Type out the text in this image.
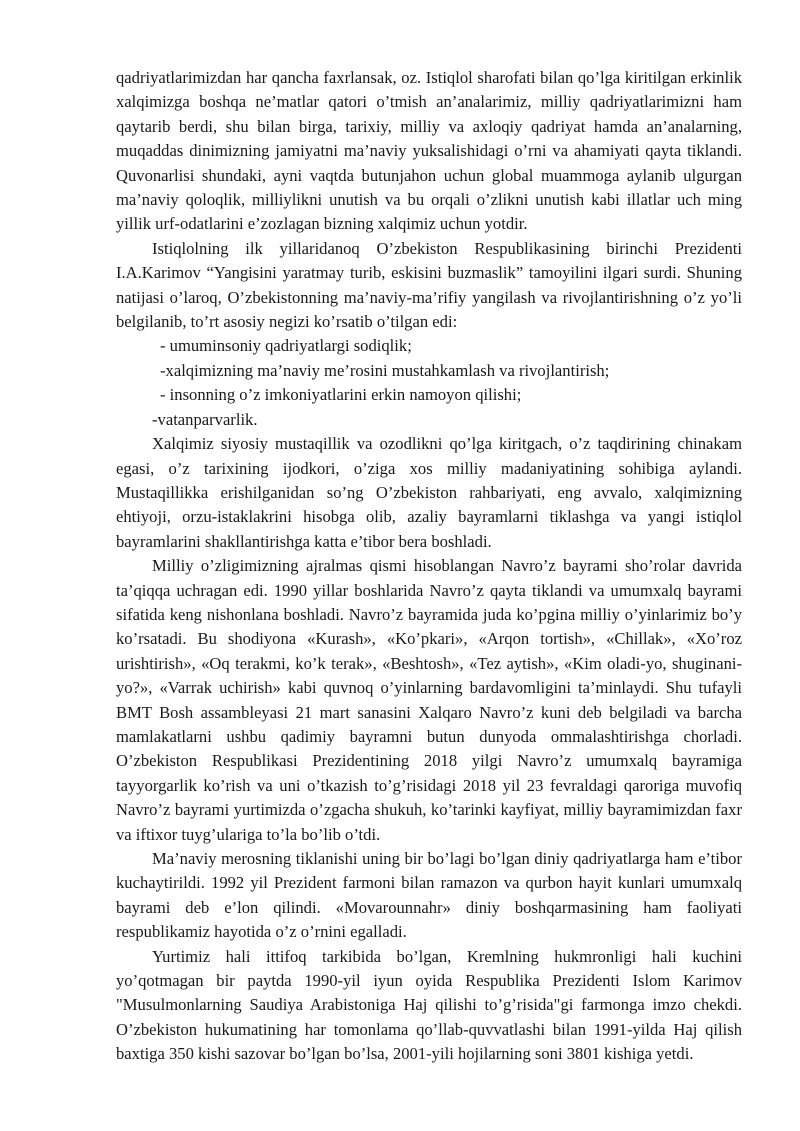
qadriyatlarimizdan har qancha faxrlansak, oz. Istiqlol sharofati bilan qo’lga kiritilgan erkinlik xalqimizga boshqa ne’matlar qatori o’tmish an’analarimiz, milliy qadriyatlarimizni ham qaytarib berdi, shu bilan birga, tarixiy, milliy va axloqiy qadriyat hamda an’analarning, muqaddas dinimizning jamiyatni ma’naviy yuksalishidagi o’rni va ahamiyati qayta tiklandi. Quvonarlisi shundaki, ayni vaqtda butunjahon uchun global muammoga aylanib ulgurgan ma’naviy qoloqlik, milliylikni unutish va bu orqali o’zlikni unutish kabi illatlar uch ming yillik urf-odatlarini e’zozlagan bizning xalqimiz uchun yotdir.

Istiqlolning ilk yillaridanoq O’zbekiston Respublikasining birinchi Prezidenti I.A.Karimov “Yangisini yaratmay turib, eskisini buzmaslik” tamoyilini ilgari surdi. Shuning natijasi o’laroq, O’zbekistonning ma’naviy-ma’rifiy yangilash va rivojlantirishning o’z yo’li belgilanib, to’rt asosiy negizi ko’rsatib o’tilgan edi:

- umuminsoniy qadriyatlargi sodiqlik;

-xalqimizning ma’naviy me’rosini mustahkamlash va rivojlantirish;

- insonning o’z imkoniyatlarini erkin namoyon qilishi;

-vatanparvarlik.

Xalqimiz siyosiy mustaqillik va ozodlikni qo’lga kiritgach, o’z taqdirining chinakam egasi, o’z tarixining ijodkori, o’ziga xos milliy madaniyatining sohibiga aylandi. Mustaqillikka erishilganidan so’ng O’zbekiston rahbariyati, eng avvalo, xalqimizning ehtiyoji, orzu-istaklakrini hisobga olib, azaliy bayramlarni tiklashga va yangi istiqlol bayramlarini shakllantirishga katta e’tibor bera boshladi.

Milliy o’zligimizning ajralmas qismi hisoblangan Navro’z bayrami sho’rolar davrida ta’qiqqa uchragan edi. 1990 yillar boshlarida Navro’z qayta tiklandi va umumxalq bayrami sifatida keng nishonlana boshladi. Navro’z bayramida juda ko’pgina milliy o’yinlarimiz bo’y ko’rsatadi. Bu shodiyona «Kurash», «Ko’pkari», «Arqon tortish», «Chillak», «Xo’roz urishtirish», «Oq terakmi, ko’k terak», «Beshtosh», «Tez aytish», «Kim oladi-yo, shuginani-yo?», «Varrak uchirish» kabi quvnoq o’yinlarning bardavomligini ta’minlaydi. Shu tufayli BMT Bosh assambleyasi 21 mart sanasini Xalqaro Navro’z kuni deb belgiladi va barcha mamlakatlarni ushbu qadimiy bayramni butun dunyoda ommalashtirishga chorladi. O’zbekiston Respublikasi Prezidentining 2018 yilgi Navro’z umumxalq bayramiga tayyorgarlik ko’rish va uni o’tkazish to’g’risidagi 2018 yil 23 fevraldagi qaroriga muvofiq Navro’z bayrami yurtimizda o’zgacha shukuh, ko’tarinki kayfiyat, milliy bayramimizdan faxr va iftixor tuyg’ulariga to’la bo’lib o’tdi.

Ma’naviy merosning tiklanishi uning bir bo’lagi bo’lgan diniy qadriyatlarga ham e’tibor kuchaytirildi. 1992 yil Prezident farmoni bilan ramazon va qurbon hayit kunlari umumxalq bayrami deb e’lon qilindi. «Movarounnahr» diniy boshqarmasining ham faoliyati respublikamiz hayotida o’z o’rnini egalladi.

Yurtimiz hali ittifoq tarkibida bo’lgan, Kremlning hukmronligi hali kuchini yo’qotmagan bir paytda 1990-yil iyun oyida Respublika Prezidenti Islom Karimov "Musulmonlarning Saudiya Arabistoniga Haj qilishi to’g’risida"gi farmonga imzo chekdi. O’zbekiston hukumatining har tomonlama qo’llab-quvvatlashi bilan 1991-yilda Haj qilish baxtiga 350 kishi sazovar bo’lgan bo’lsa, 2001-yili hojilarning soni 3801 kishiga yetdi.
